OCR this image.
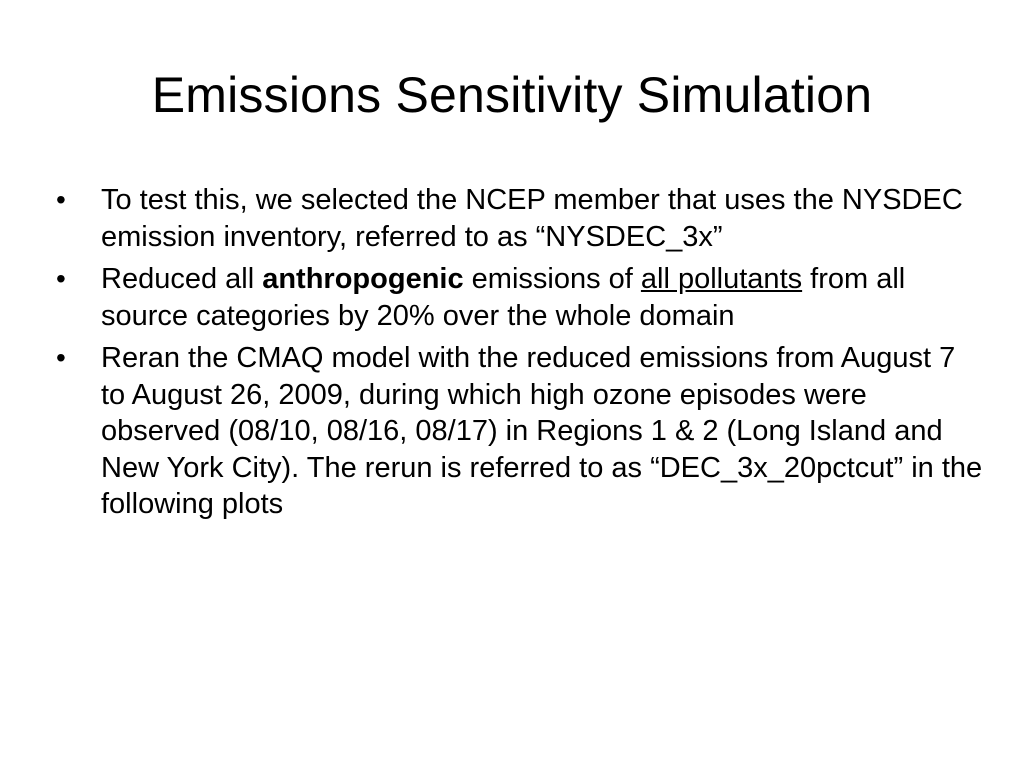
Emissions Sensitivity Simulation
•	To test this, we selected the NCEP member that uses the NYSDEC emission inventory, referred to as “NYSDEC_3x”
•	Reduced all anthropogenic emissions of all pollutants from all source categories by 20% over the whole domain
•	Reran the CMAQ model with the reduced emissions from August 7 to August 26, 2009, during which high ozone episodes were observed (08/10, 08/16, 08/17) in Regions 1 & 2 (Long Island and New York City). The rerun is referred to as “DEC_3x_20pctcut” in the following plots
